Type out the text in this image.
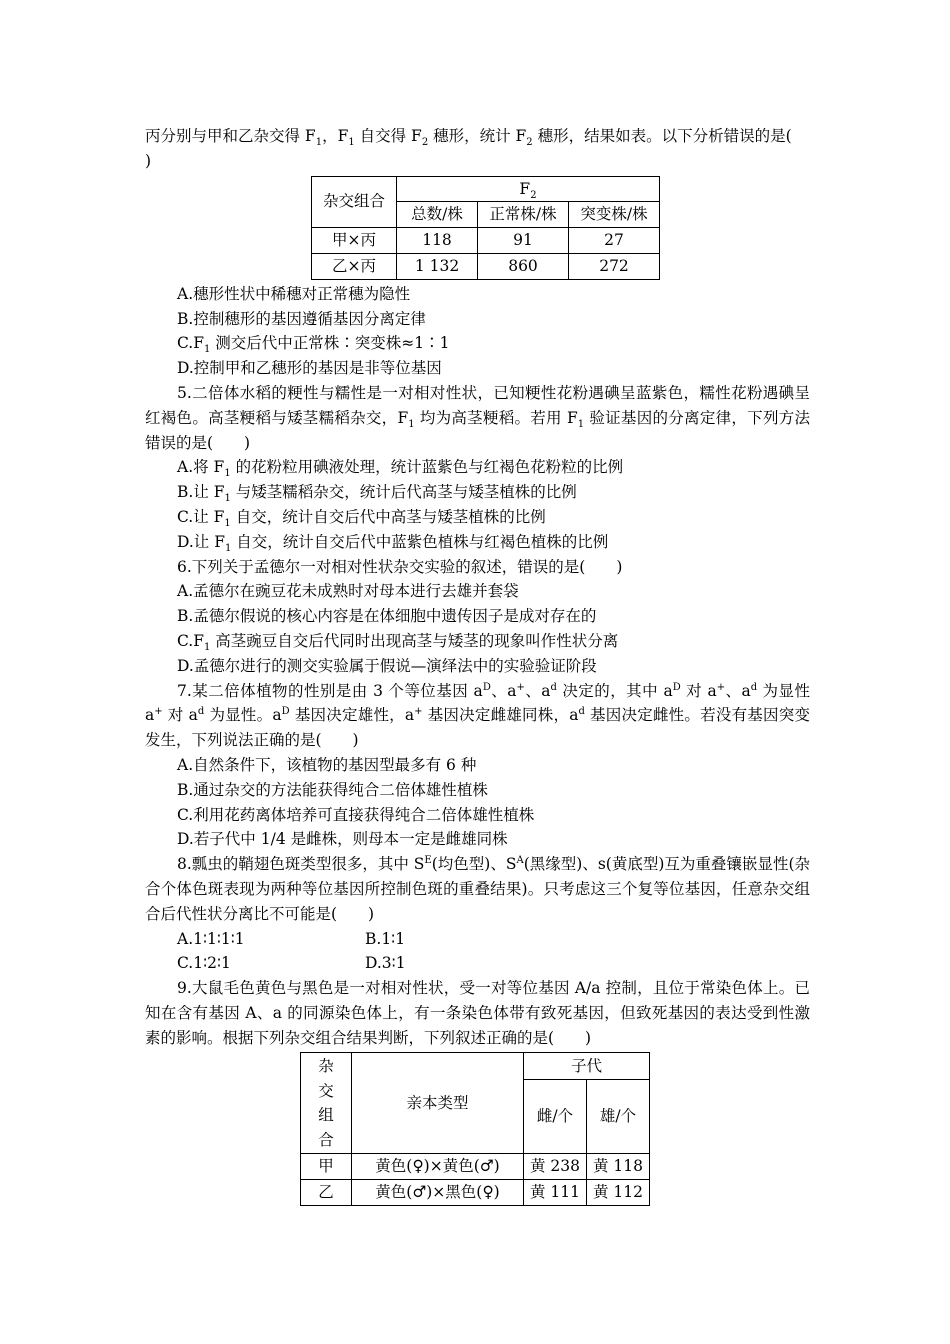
丙分别与甲和乙杂交得 $F_1$，$F_1$ 自交得 $F_2$ 穗形，统计 $F_2$ 穗形，结果如表。以下分析错误的是(
)

杂交组合	$F_2$
	总数/株	正常株/株	突变株/株
甲×丙	118	91	27
乙×丙	1 132	860	272

A.穗形性状中稀穗对正常穗为隐性

B.控制穗形的基因遵循基因分离定律

$C.F_1$ 测交后代中正常株∶突变株≈1∶1

D.控制甲和乙穗形的基因是非等位基因

5.二倍体水稻的粳性与糯性是一对相对性状，已知粳性花粉遇碘呈蓝紫色，糯性花粉遇碘呈红褐色。高茎粳稻与矮茎糯稻杂交，$F_1$ 均为高茎粳稻。若用 $F_1$ 验证基因的分离定律，下列方法错误的是(　　)

A.将 $F_1$ 的花粉粒用碘液处理，统计蓝紫色与红褐色花粉粒的比例

B.让 $F_1$ 与矮茎糯稻杂交，统计后代高茎与矮茎植株的比例

C.让 $F_1$ 自交，统计自交后代中高茎与矮茎植株的比例

D.让 $F_1$ 自交，统计自交后代中蓝紫色植株与红褐色植株的比例

6.下列关于孟德尔一对相对性状杂交实验的叙述，错误的是(　　)

A.孟德尔在豌豆花未成熟时对母本进行去雄并套袋

B.孟德尔假说的核心内容是在体细胞中遗传因子是成对存在的

$C.F_1$ 高茎豌豆自交后代同时出现高茎与矮茎的现象叫作性状分离

D.孟德尔进行的测交实验属于假说—演绎法中的实验验证阶段

7.某二倍体植物的性别是由 3 个等位基因 $a^D$、a+、$a^d$ 决定的，其中 $a^D$ 对 a+、$a^d$ 为显性 a+ 对 $a^d$ 为显性。$a^D$ 基因决定雄性，a+ 基因决定雌雄同株，$a^d$ 基因决定雌性。若没有基因突变发生，下列说法正确的是(　　)

A.自然条件下，该植物的基因型最多有 6 种

B.通过杂交的方法能获得纯合二倍体雄性植株

C.利用花药离体培养可直接获得纯合二倍体雄性植株

D.若子代中 1/4 是雌株，则母本一定是雌雄同株

8.瓢虫的鞘翅色斑类型很多，其中 $S^E$(均色型)、$S^A$(黑缘型)、s(黄底型)互为重叠镶嵌显性(杂合个体色斑表现为两种等位基因所控制色斑的重叠结果)。只考虑这三个复等位基因，任意杂交组合后代性状分离比不可能是(　　)

A.1∶1∶1∶1	B.1∶1
C.1∶2∶1	D.3∶1

9.大鼠毛色黄色与黑色是一对相对性状，受一对等位基因 A/a 控制，且位于常染色体上。已知在含有基因 A、a 的同源染色体上，有一条染色体带有致死基因，但致死基因的表达受到性激素的影响。根据下列杂交组合结果判断，下列叙述正确的是(　　)

杂
交
组
合	亲本类型	子代	
		雌/个	雄/个
甲	黄色(♀)×黄色(♂)	黄 238	黄 118
乙	黄色(♂)×黑色(♀)	黄 111	黄 112
